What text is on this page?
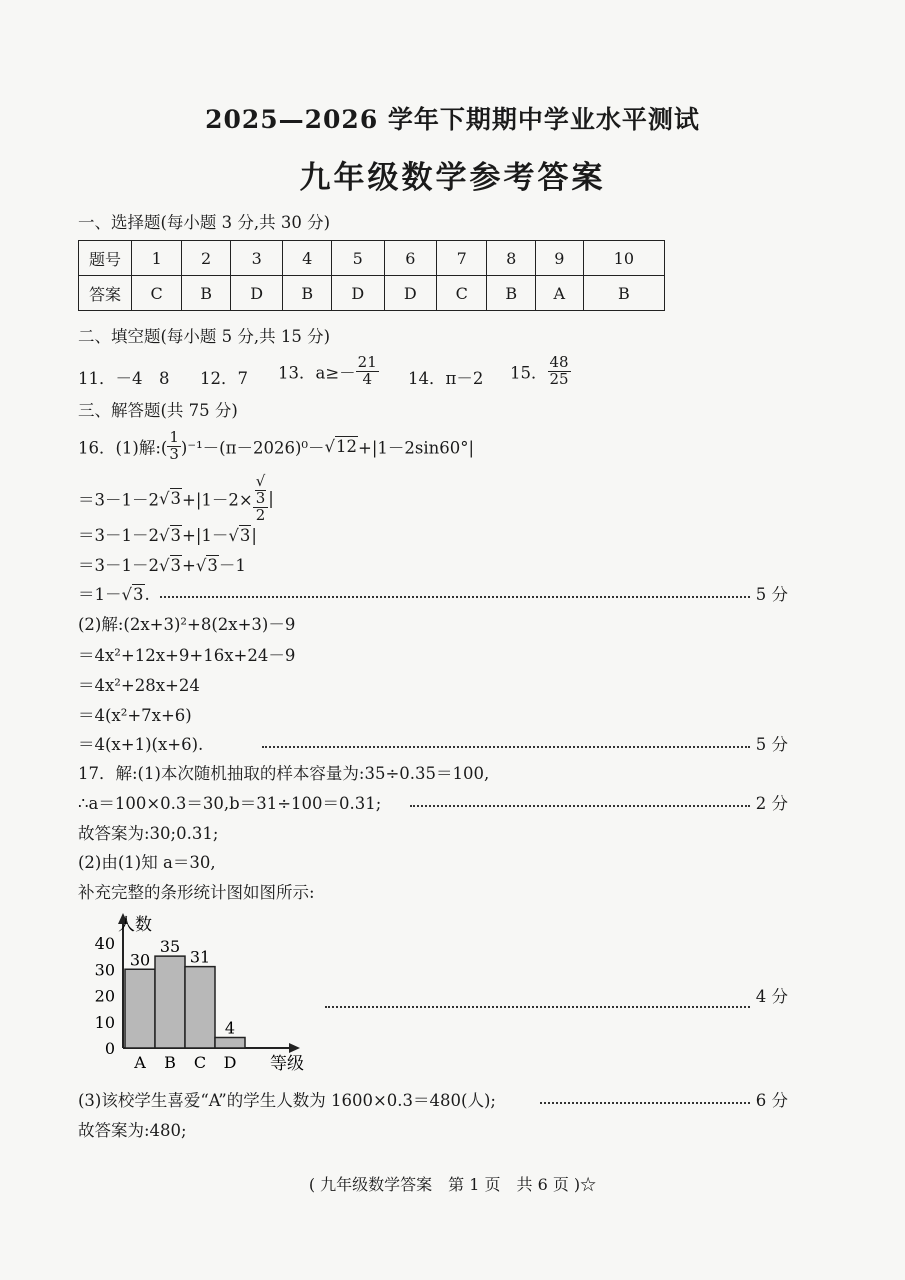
2025—2026 学年下期期中学业水平测试
九年级数学参考答案
一、选择题(每小题 3 分,共 30 分)
题号	1	2	3	4	5	6	7	8	9	10
答案	C	B	D	B	D	D	C	B	A	B
二、填空题(每小题 5 分,共 15 分)
11．－4　8 12．7 13．$a\ge- \frac{21}{4} 14$．π－2 15． $\frac{48}{25}$
三、解答题(共 75 分)
16．(1)解:( $\frac{1}{3} )^{-1}-(\pi-2026)^0-√12+|1-2\sin 60^\circ|$
＝3－1－2√3+|1－2× √
3
2 |
＝3－1－2√3+|1－√3|
＝3－1－2√3+√3－1
＝1－√3.	5 分
(2)解:(2x+3)²+8(2x+3)－9
＝4x²+12x+9+16x+24－9
＝4x²+28x+24
＝4(x²+7x+6)
＝4(x+1)(x+6).	5 分
17．解:(1)本次随机抽取的样本容量为:35÷0.35＝100,
∴a＝100×0.3＝30,b＝31÷100＝0.31;	2 分
故答案为:30;0.31;
(2)由(1)知 a＝30,
补充完整的条形统计图如图所示:
0
10
20
30
40
30
A
35
B
31
C
4
D
人数
等级
4 分
(3)该校学生喜爱“A”的学生人数为 1600×0.3＝480(人);	6 分
故答案为:480;
( 九年级数学答案　第 1 页　共 6 页 )☆
